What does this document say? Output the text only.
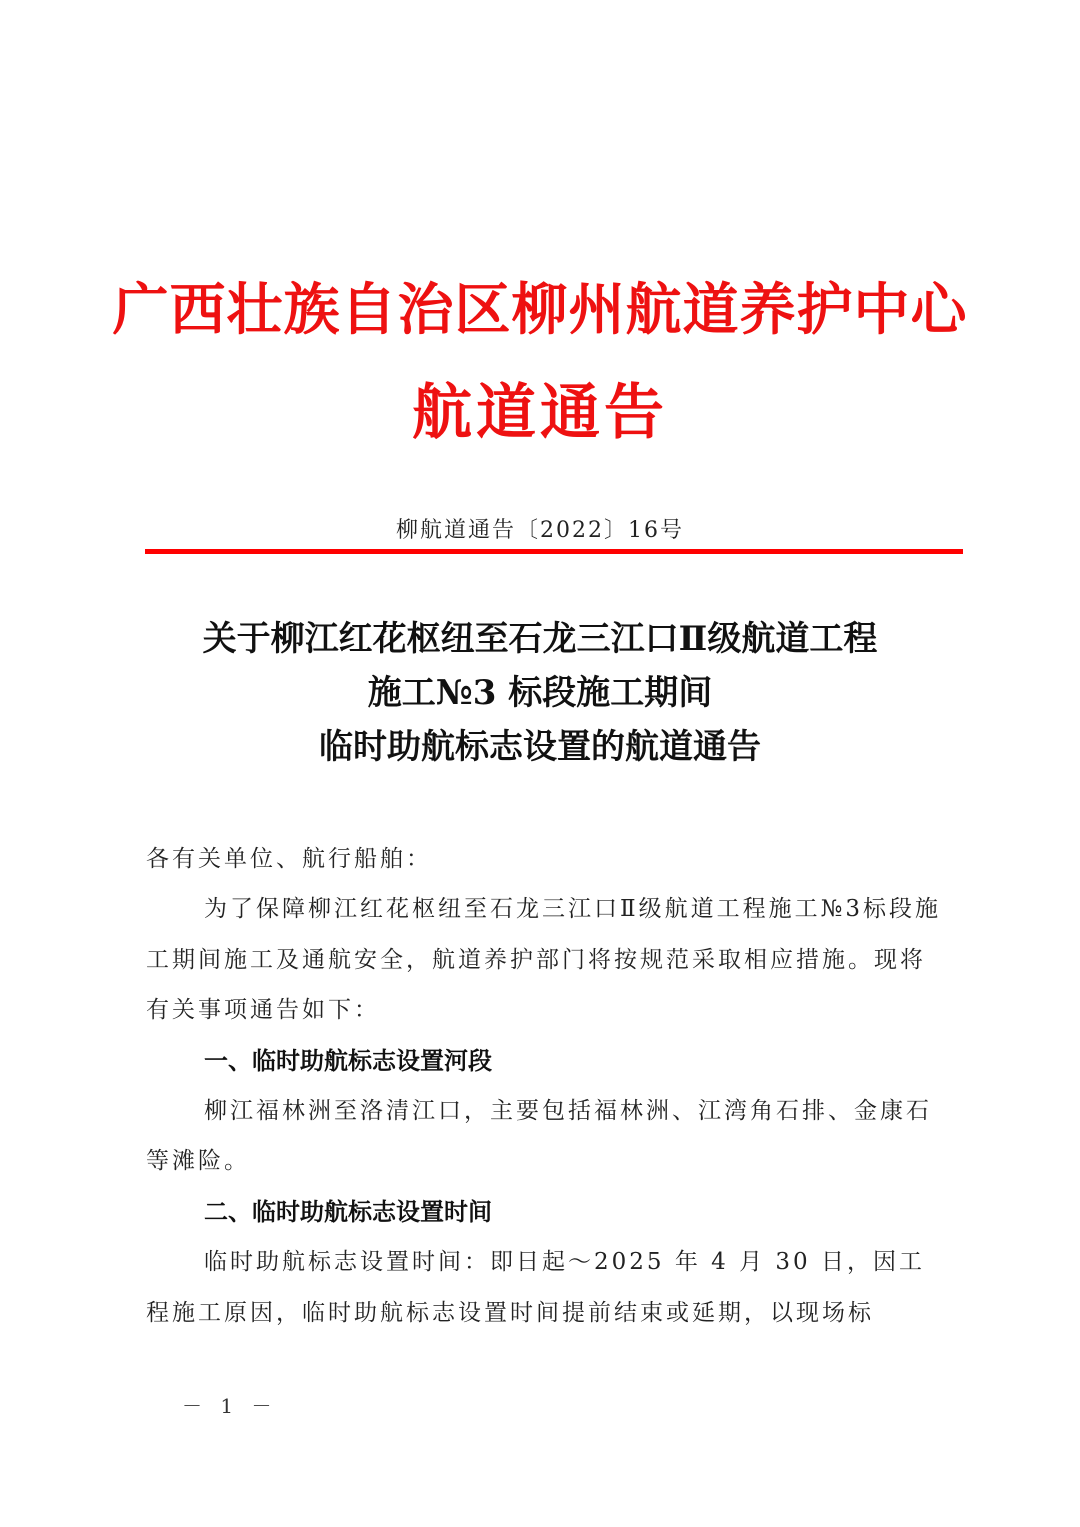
广西壮族自治区柳州航道养护中心
航道通告
柳航道通告〔2022〕16号
关于柳江红花枢纽至石龙三江口Ⅱ级航道工程
施工№3 标段施工期间
临时助航标志设置的航道通告

各有关单位、航行船舶：

为了保障柳江红花枢纽至石龙三江口Ⅱ级航道工程施工№3标段施工期间施工及通航安全，航道养护部门将按规范采取相应措施。现将有关事项通告如下：

一、临时助航标志设置河段

柳江福林洲至洛清江口，主要包括福林洲、江湾角石排、金康石等滩险。

二、临时助航标志设置时间

临时助航标志设置时间：即日起～2025 年 4 月 30 日，因工程施工原因，临时助航标志设置时间提前结束或延期，以现场标

－ 1 －
